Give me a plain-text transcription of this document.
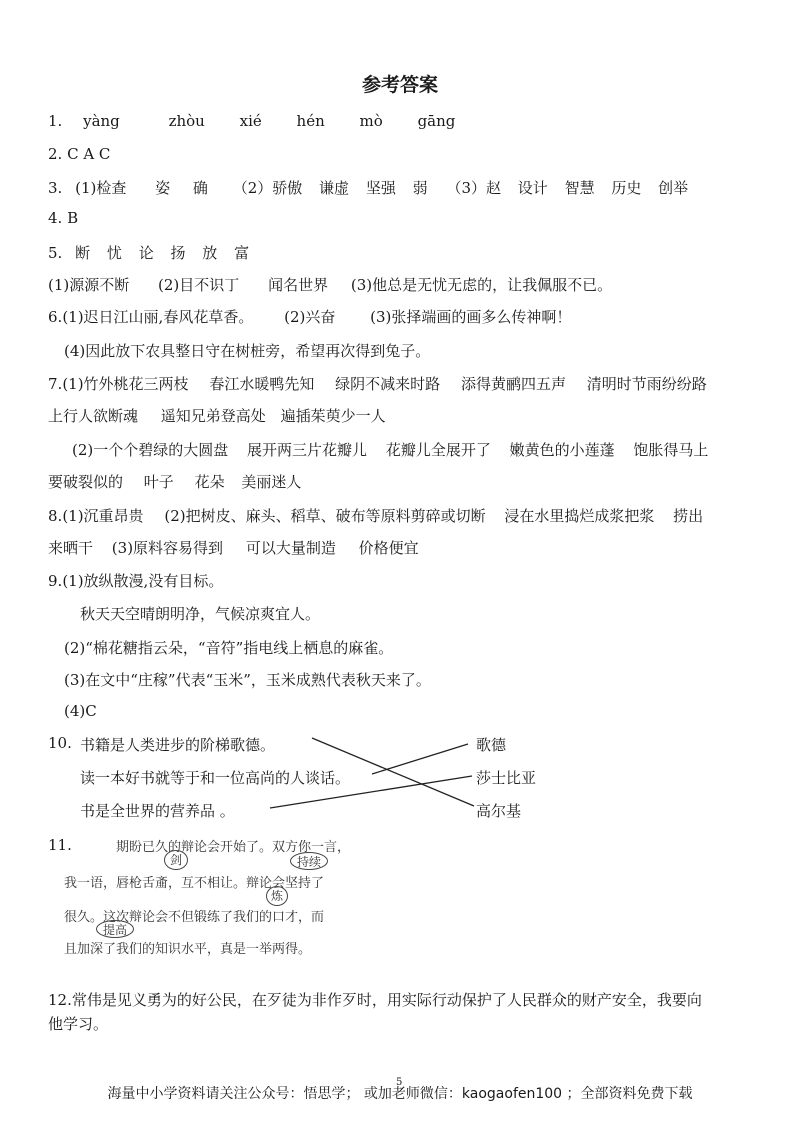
参考答案
1. yàng	zhòu xié hén mò gāng
2. C A C
3. (1)检查 姿 确 （2）骄傲 谦虚 坚强 弱 （3）赵 设计 智慧 历史 创举
4. B
5. 断 忧 论 扬 放 富
(1)源源不断 (2)目不识丁 闻名世界 (3)他总是无忧无虑的，让我佩服不已。
6.(1)迟日江山丽,春风花草香。 (2)兴奋 (3)张择端画的画多么传神啊！
(4)因此放下农具整日守在树桩旁，希望再次得到兔子。
7.(1)竹外桃花三两枝 春江水暖鸭先知 绿阴不减来时路 添得黄鹂四五声 清明时节雨纷纷路
上行人欲断魂 遥知兄弟登高处 遍插茱萸少一人
(2)一个个碧绿的大圆盘 展开两三片花瓣儿 花瓣儿全展开了 嫩黄色的小莲蓬 饱胀得马上
要破裂似的 叶子 花朵 美丽迷人
8.(1)沉重昂贵 (2)把树皮、麻头、稻草、破布等原料剪碎或切断 浸在水里捣烂成浆把浆 捞出
来晒干 (3)原料容易得到 可以大量制造 价格便宜
9.(1)放纵散漫,没有目标。
秋天天空晴朗明净，气候凉爽宜人。
(2)“棉花糖指云朵，“音符”指电线上栖息的麻雀。
(3)在文中“庄稼”代表“玉米”，玉米成熟代表秋天来了。
(4)C
10. 书籍是人类进步的阶梯歌德。
读一本好书就等于和一位高尚的人谈话。
书是全世界的营养品 。
歌德
莎士比亚
高尔基
11.	期盼已久的辩论会开始了。双方你一言，
我一语，唇枪舌齑，互不相让。辩论会坚持了
很久。这次辩论会不但锻练了我们的口才，而
且加深了我们的知识水平，真是一举两得。
剑	持续
炼
提高
12.常伟是见义勇为的好公民，在歹徒为非作歹时，用实际行动保护了人民群众的财产安全，我要向
他学习。
5
海量中小学资料请关注公众号：悟思学； 或加老师微信：kaogaofen100 ；全部资料免费下载
